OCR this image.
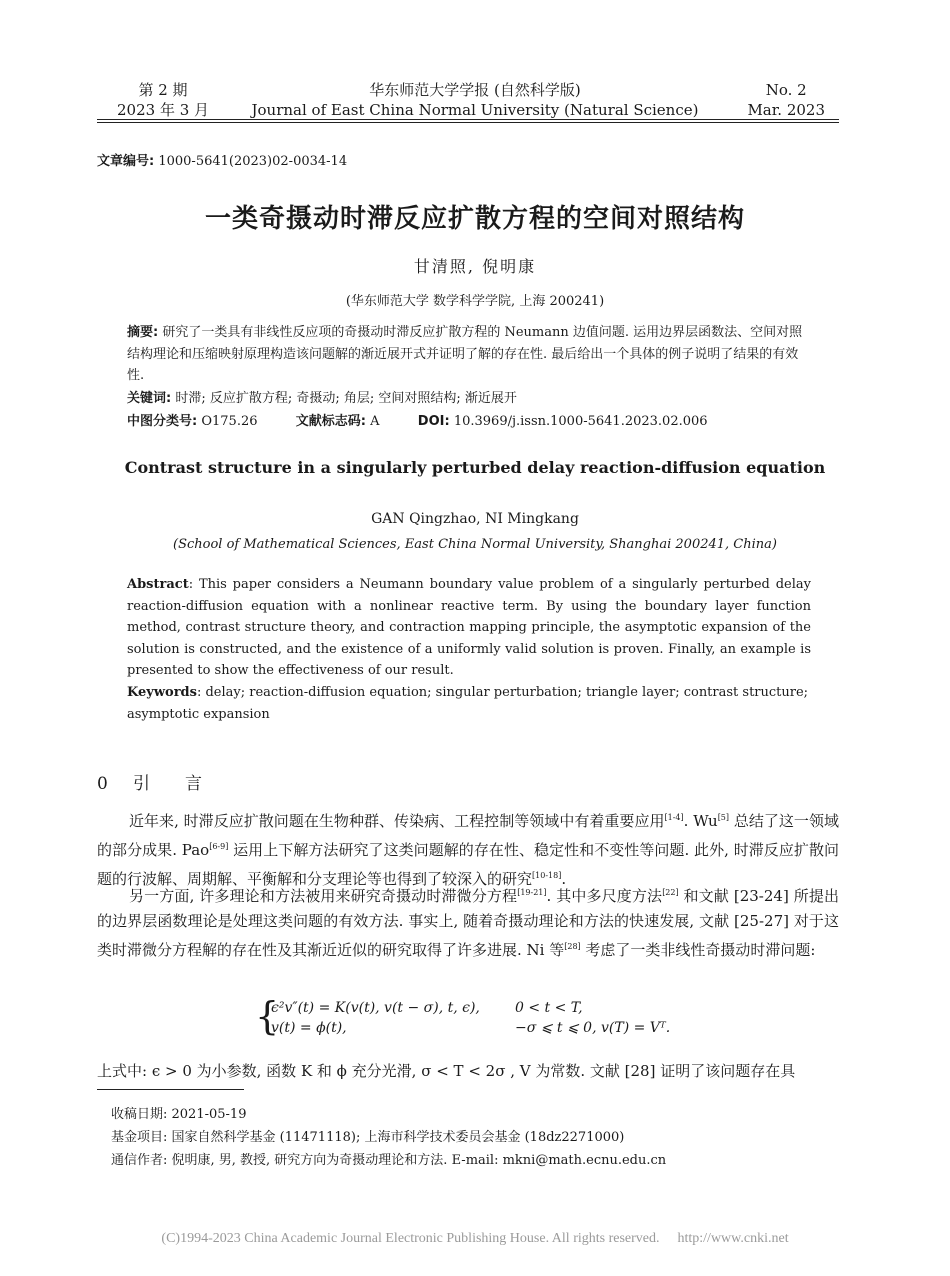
华东师范大学学报 (自然科学版)
Journal of East China Normal University (Natural Science)
第 2 期
2023 年 3 月
No. 2
Mar. 2023
文章编号: 1000-5641(2023)02-0034-14
一类奇摄动时滞反应扩散方程的空间对照结构
甘清照, 倪明康
(华东师范大学 数学科学学院, 上海 200241)
摘要: 研究了一类具有非线性反应项的奇摄动时滞反应扩散方程的 Neumann 边值问题. 运用边界层函数法、空间对照结构理论和压缩映射原理构造该问题解的渐近展开式并证明了解的存在性. 最后给出一个具体的例子说明了结果的有效性.
关键词: 时滞; 反应扩散方程; 奇摄动; 角层; 空间对照结构; 渐近展开
中图分类号: O175.26	文献标志码: A	DOI: 10.3969/j.issn.1000-5641.2023.02.006
Contrast structure in a singularly perturbed delay reaction-diffusion equation
GAN Qingzhao, NI Mingkang
(School of Mathematical Sciences, East China Normal University, Shanghai 200241, China)
Abstract: This paper considers a Neumann boundary value problem of a singularly perturbed delay reaction-diffusion equation with a nonlinear reactive term. By using the boundary layer function method, contrast structure theory, and contraction mapping principle, the asymptotic expansion of the solution is constructed, and the existence of a uniformly valid solution is proven. Finally, an example is presented to show the effectiveness of our result.
Keywords: delay; reaction-diffusion equation; singular perturbation; triangle layer; contrast structure; asymptotic expansion
0 引 言
近年来, 时滞反应扩散问题在生物种群、传染病、工程控制等领域中有着重要应用[1-4]. Wu[5] 总结了这一领域的部分成果. Pao[6-9] 运用上下解方法研究了这类问题解的存在性、稳定性和不变性等问题. 此外, 时滞反应扩散问题的行波解、周期解、平衡解和分支理论等也得到了较深入的研究[10-18].
另一方面, 许多理论和方法被用来研究奇摄动时滞微分方程[19-21]. 其中多尺度方法[22] 和文献 [23-24] 所提出的边界层函数理论是处理这类问题的有效方法. 事实上, 随着奇摄动理论和方法的快速发展, 文献 [25-27] 对于这类时滞微分方程解的存在性及其渐近近似的研究取得了许多进展. Ni 等[28] 考虑了一类非线性奇摄动时滞问题:
{
ϵ²v″(t) = K(v(t), v(t − σ), t, ϵ),	0 < t < T,
v(t) = ϕ(t),	−σ ⩽ t ⩽ 0, v(T) = Vᵀ.
上式中: ϵ > 0 为小参数, 函数 K 和 ϕ 充分光滑, σ < T < 2σ , V 为常数. 文献 [28] 证明了该问题存在具
收稿日期: 2021-05-19
基金项目: 国家自然科学基金 (11471118); 上海市科学技术委员会基金 (18dz2271000)
通信作者: 倪明康, 男, 教授, 研究方向为奇摄动理论和方法. E-mail: mkni@math.ecnu.edu.cn
(C)1994-2023 China Academic Journal Electronic Publishing House. All rights reserved. http://www.cnki.net
